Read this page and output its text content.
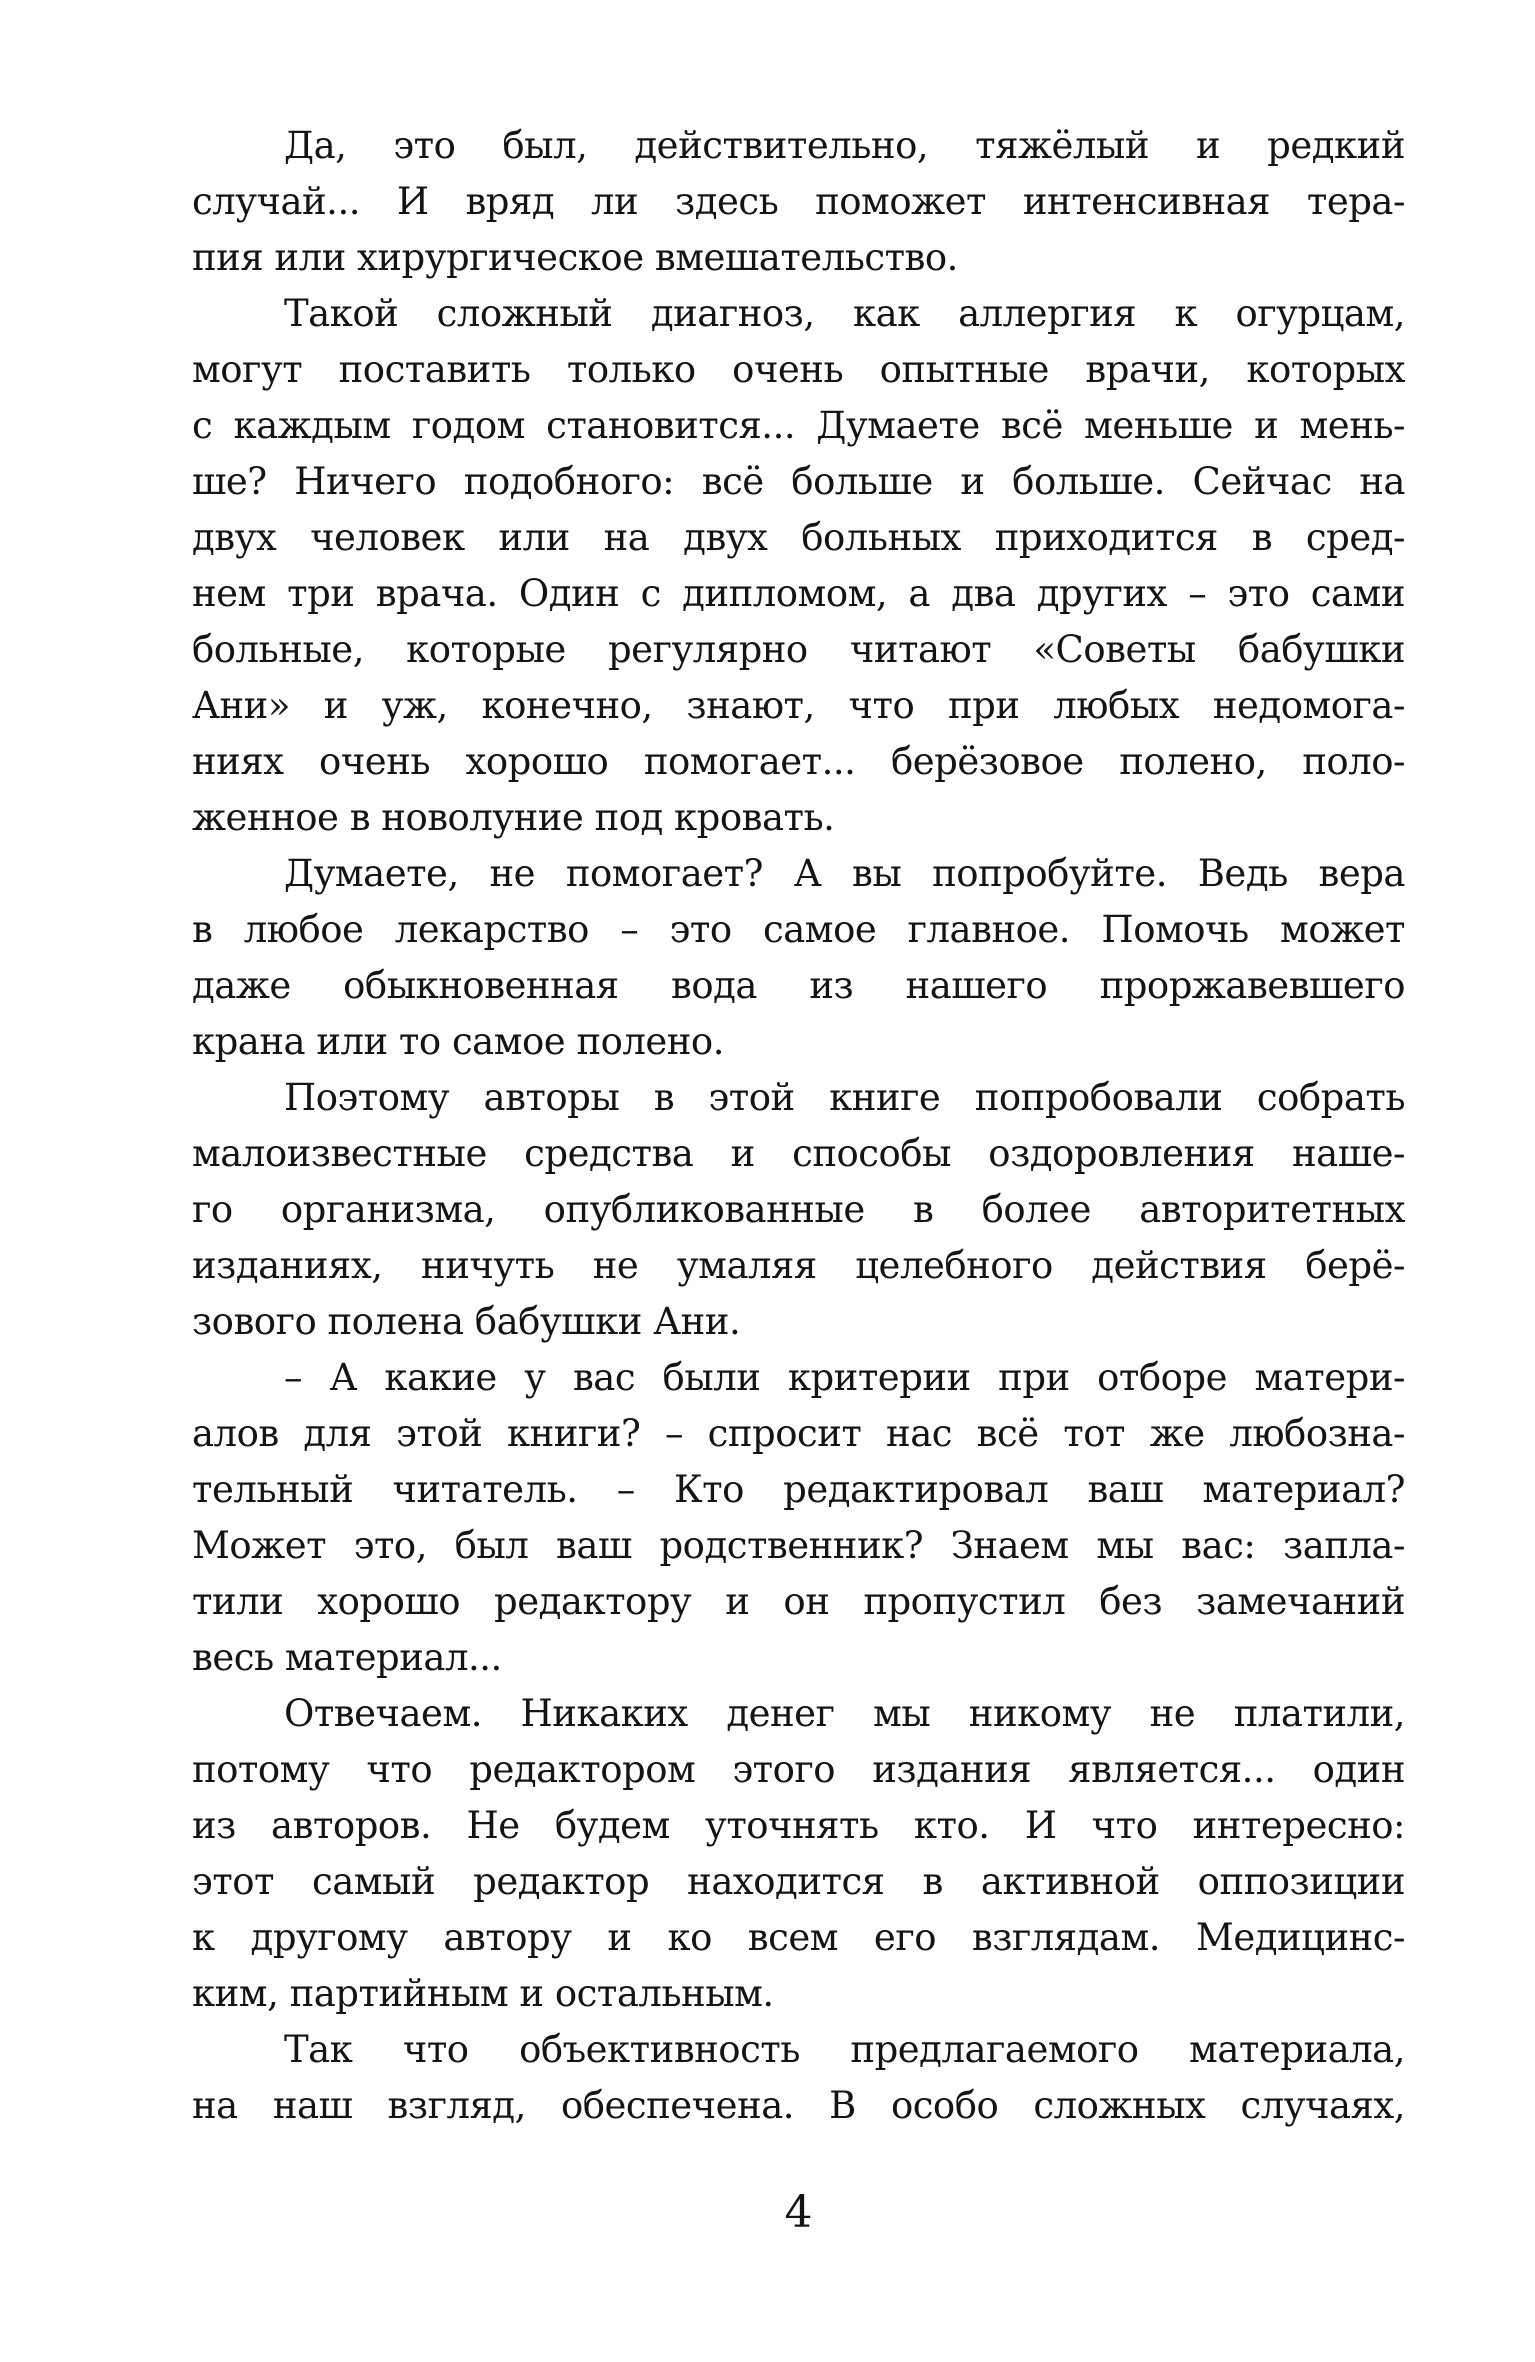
Да, это был, действительно, тяжёлый и редкий
случай... И вряд ли здесь поможет интенсивная тера-
пия или хирургическое вмешательство.
Такой сложный диагноз, как аллергия к огурцам,
могут поставить только очень опытные врачи, которых
с каждым годом становится... Думаете всё меньше и мень-
ше? Ничего подобного: всё больше и больше. Сейчас на
двух человек или на двух больных приходится в сред-
нем три врача. Один с дипломом, а два других – это сами
больные, которые регулярно читают «Советы бабушки
Ани» и уж, конечно, знают, что при любых недомога-
ниях очень хорошо помогает... берёзовое полено, поло-
женное в новолуние под кровать.
Думаете, не помогает? А вы попробуйте. Ведь вера
в любое лекарство – это самое главное. Помочь может
даже обыкновенная вода из нашего проржавевшего
крана или то самое полено.
Поэтому авторы в этой книге попробовали собрать
малоизвестные средства и способы оздоровления наше-
го организма, опубликованные в более авторитетных
изданиях, ничуть не умаляя целебного действия берё-
зового полена бабушки Ани.
– А какие у вас были критерии при отборе матери-
алов для этой книги? – спросит нас всё тот же любозна-
тельный читатель. – Кто редактировал ваш материал?
Может это, был ваш родственник? Знаем мы вас: запла-
тили хорошо редактору и он пропустил без замечаний
весь материал...
Отвечаем. Никаких денег мы никому не платили,
потому что редактором этого издания является... один
из авторов. Не будем уточнять кто. И что интересно:
этот самый редактор находится в активной оппозиции
к другому автору и ко всем его взглядам. Медицинс-
ким, партийным и остальным.
Так что объективность предлагаемого материала,
на наш взгляд, обеспечена. В особо сложных случаях,
4
